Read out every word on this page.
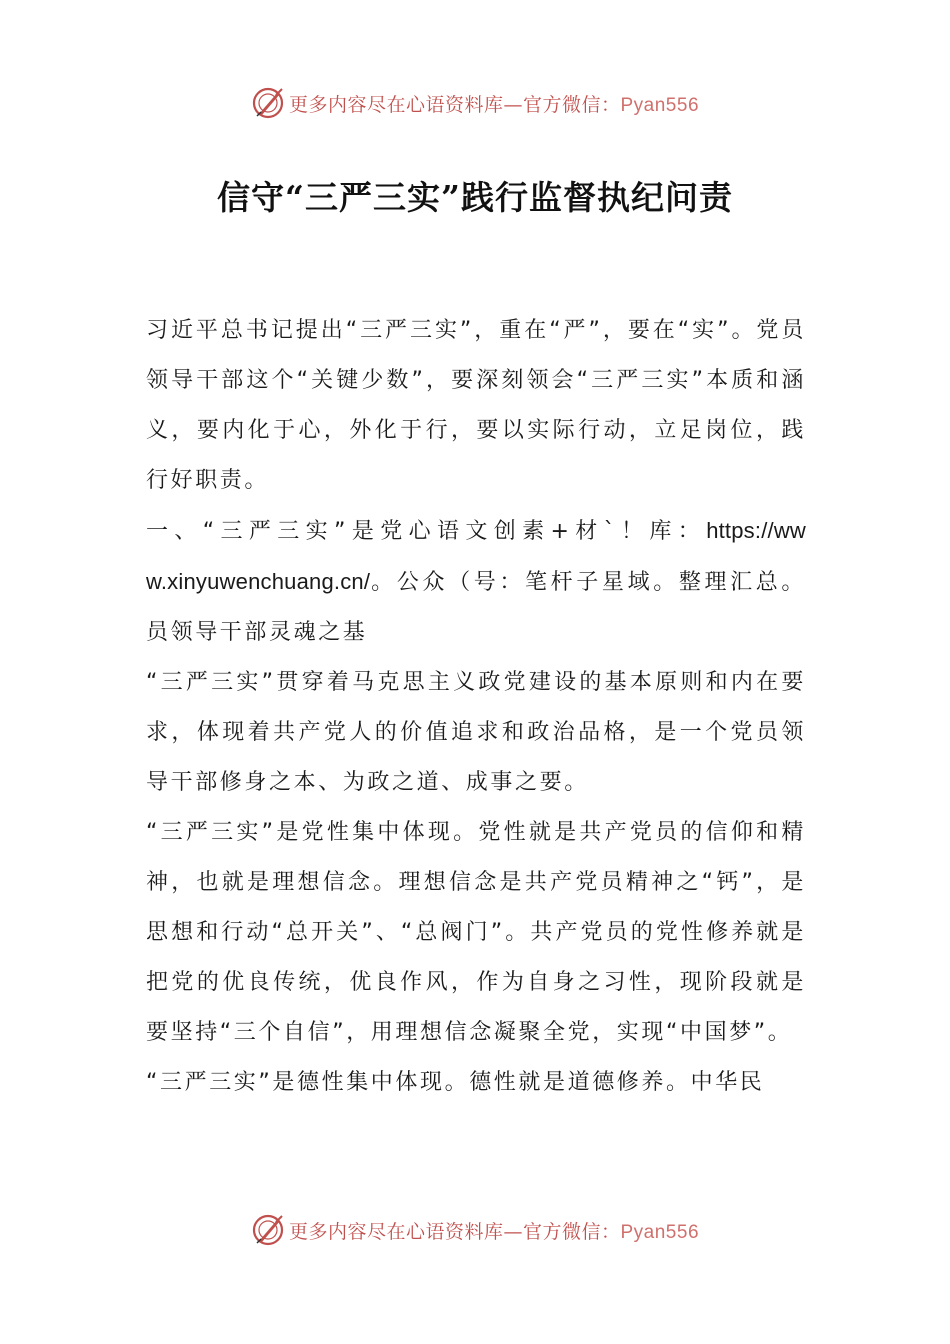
更多内容尽在心语资料库—官方微信：Pyan556
信守“三严三实”践行监督执纪问责

习近平总书记提出“三严三实”，重在“严”，要在“实”。党员领导干部这个“关键少数”，要深刻领会“三严三实”本质和涵义，要内化于心，外化于行，要以实际行动，立足岗位，践行好职责。

一、“三严三实”是党心语文创素+材`！库：https://www.xinyuwenchuang.cn/。公众（号：笔杆子星域。整理汇总。员领导干部灵魂之基

“三严三实”贯穿着马克思主义政党建设的基本原则和内在要求，体现着共产党人的价值追求和政治品格，是一个党员领导干部修身之本、为政之道、成事之要。

“三严三实”是党性集中体现。党性就是共产党员的信仰和精神，也就是理想信念。理想信念是共产党员精神之“钙”，是思想和行动“总开关”、“总阀门”。共产党员的党性修养就是把党的优良传统，优良作风，作为自身之习性，现阶段就是要坚持“三个自信”，用理想信念凝聚全党，实现“中国梦”。

“三严三实”是德性集中体现。德性就是道德修养。中华民

更多内容尽在心语资料库—官方微信：Pyan556
